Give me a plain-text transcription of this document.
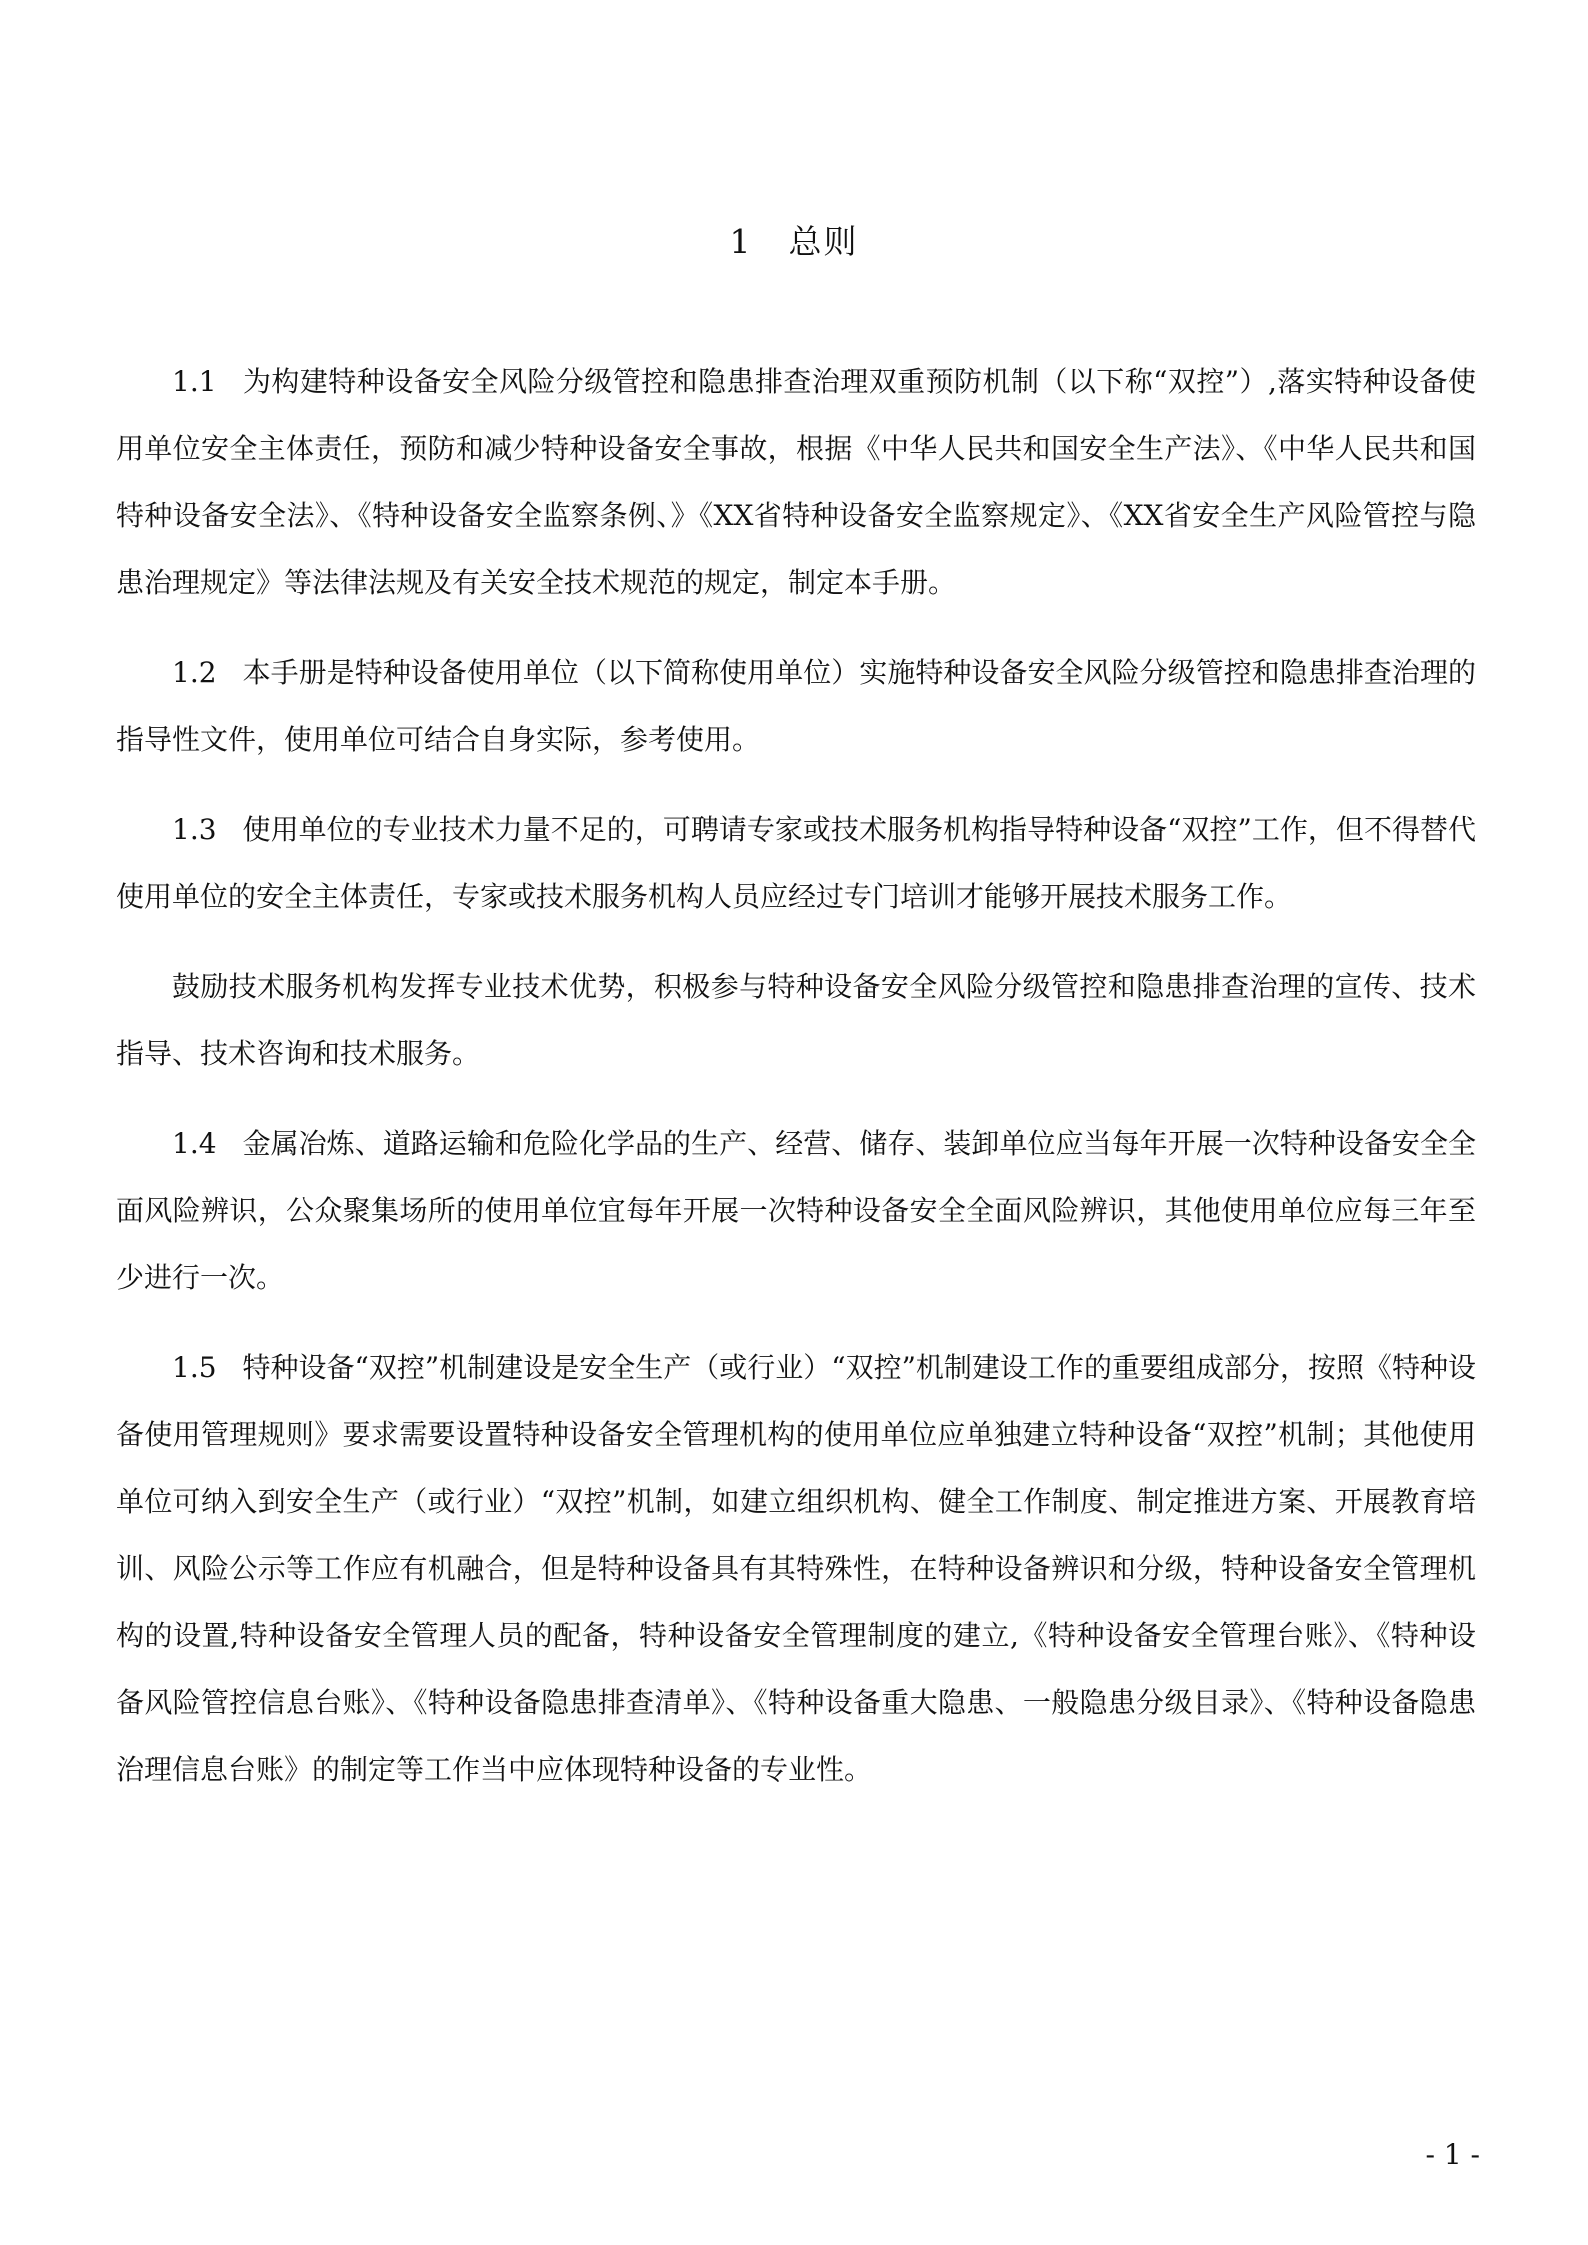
1 总则

1.1 为构建特种设备安全风险分级管控和隐患排查治理双重预防机制（以下称“双控”）,落实特种设备使用单位安全主体责任，预防和减少特种设备安全事故，根据《中华人民共和国安全生产法》、《中华人民共和国特种设备安全法》、《特种设备安全监察条例、》《XX省特种设备安全监察规定》、《XX省安全生产风险管控与隐患治理规定》等法律法规及有关安全技术规范的规定，制定本手册。

1.2 本手册是特种设备使用单位（以下简称使用单位）实施特种设备安全风险分级管控和隐患排查治理的指导性文件，使用单位可结合自身实际，参考使用。

1.3 使用单位的专业技术力量不足的，可聘请专家或技术服务机构指导特种设备“双控”工作，但不得替代使用单位的安全主体责任，专家或技术服务机构人员应经过专门培训才能够开展技术服务工作。

鼓励技术服务机构发挥专业技术优势，积极参与特种设备安全风险分级管控和隐患排查治理的宣传、技术指导、技术咨询和技术服务。

1.4 金属冶炼、道路运输和危险化学品的生产、经营、储存、装卸单位应当每年开展一次特种设备安全全面风险辨识，公众聚集场所的使用单位宜每年开展一次特种设备安全全面风险辨识，其他使用单位应每三年至少进行一次。

1.5 特种设备“双控”机制建设是安全生产（或行业）“双控”机制建设工作的重要组成部分，按照《特种设备使用管理规则》要求需要设置特种设备安全管理机构的使用单位应单独建立特种设备“双控”机制；其他使用单位可纳入到安全生产（或行业）“双控”机制，如建立组织机构、健全工作制度、制定推进方案、开展教育培训、风险公示等工作应有机融合，但是特种设备具有其特殊性，在特种设备辨识和分级，特种设备安全管理机构的设置,特种设备安全管理人员的配备，特种设备安全管理制度的建立,《特种设备安全管理台账》、《特种设备风险管控信息台账》、《特种设备隐患排查清单》、《特种设备重大隐患、一般隐患分级目录》、《特种设备隐患治理信息台账》的制定等工作当中应体现特种设备的专业性。

- 1 -
